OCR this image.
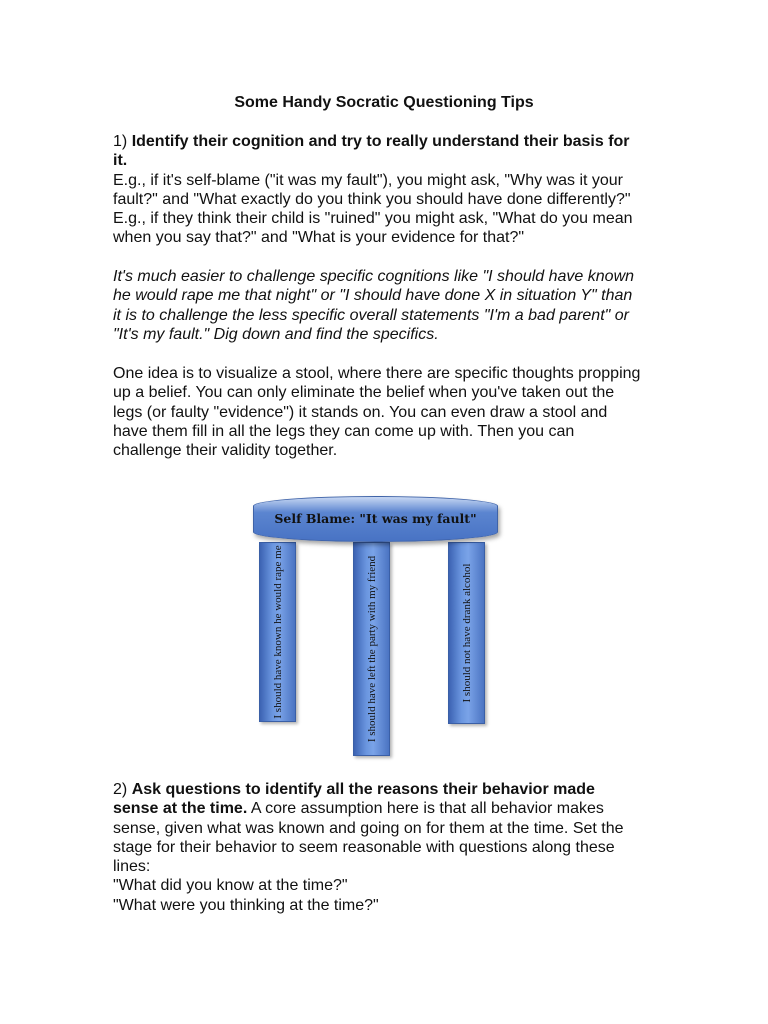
Some Handy Socratic Questioning Tips
1) Identify their cognition and try to really understand their basis for
it.
E.g., if it's self-blame ("it was my fault"), you might ask, "Why was it your
fault?" and "What exactly do you think you should have done differently?"
E.g., if they think their child is "ruined" you might ask, "What do you mean
when you say that?" and "What is your evidence for that?"
It's much easier to challenge specific cognitions like "I should have known
he would rape me that night" or "I should have done X in situation Y" than
it is to challenge the less specific overall statements "I'm a bad parent" or
"It's my fault." Dig down and find the specifics.
One idea is to visualize a stool, where there are specific thoughts propping
up a belief. You can only eliminate the belief when you've taken out the
legs (or faulty "evidence") it stands on. You can even draw a stool and
have them fill in all the legs they can come up with. Then you can
challenge their validity together.
I should have known he would rape me	I should have left the party with my friend	I should not have drank alcohol
Self Blame: "It was my fault"
2) Ask questions to identify all the reasons their behavior made
sense at the time. A core assumption here is that all behavior makes
sense, given what was known and going on for them at the time. Set the
stage for their behavior to seem reasonable with questions along these
lines:
"What did you know at the time?"
"What were you thinking at the time?"
